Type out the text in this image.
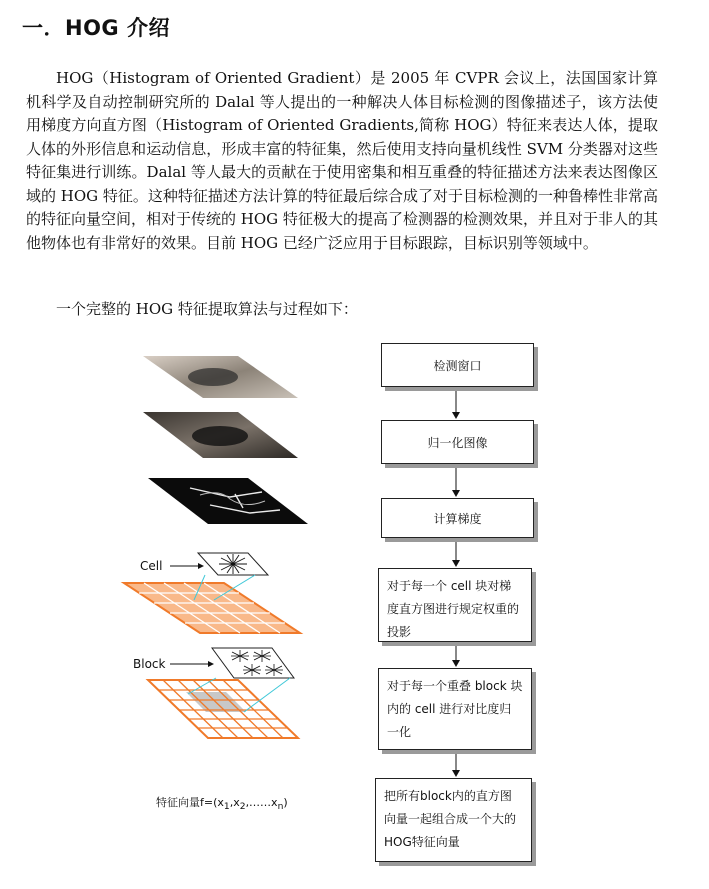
一．HOG 介绍

HOG（Histogram of Oriented Gradient）是 2005 年 CVPR 会议上，法国国家计算机科学及自动控制研究所的 Dalal 等人提出的一种解决人体目标检测的图像描述子，该方法使用梯度方向直方图（Histogram of Oriented Gradients,简称 HOG）特征来表达人体，提取人体的外形信息和运动信息，形成丰富的特征集，然后使用支持向量机线性 SVM 分类器对这些特征集进行训练。Dalal 等人最大的贡献在于使用密集和相互重叠的特征描述方法来表达图像区域的 HOG 特征。这种特征描述方法计算的特征最后综合成了对于目标检测的一种鲁棒性非常高的特征向量空间，相对于传统的 HOG 特征极大的提高了检测器的检测效果，并且对于非人的其他物体也有非常好的效果。目前 HOG 已经广泛应用于目标跟踪，目标识别等领域中。

一个完整的 HOG 特征提取算法与过程如下：

Cell
Block
特征向量$f=(x_1,x_2,\dots\dots x_n)$
检测窗口
归一化图像
计算梯度
对于每一个 cell 块对梯度直方图进行规定权重的投影
对于每一个重叠 block 块内的 cell 进行对比度归一化
把所有block内的直方图向量一起组合成一个大的HOG特征向量
